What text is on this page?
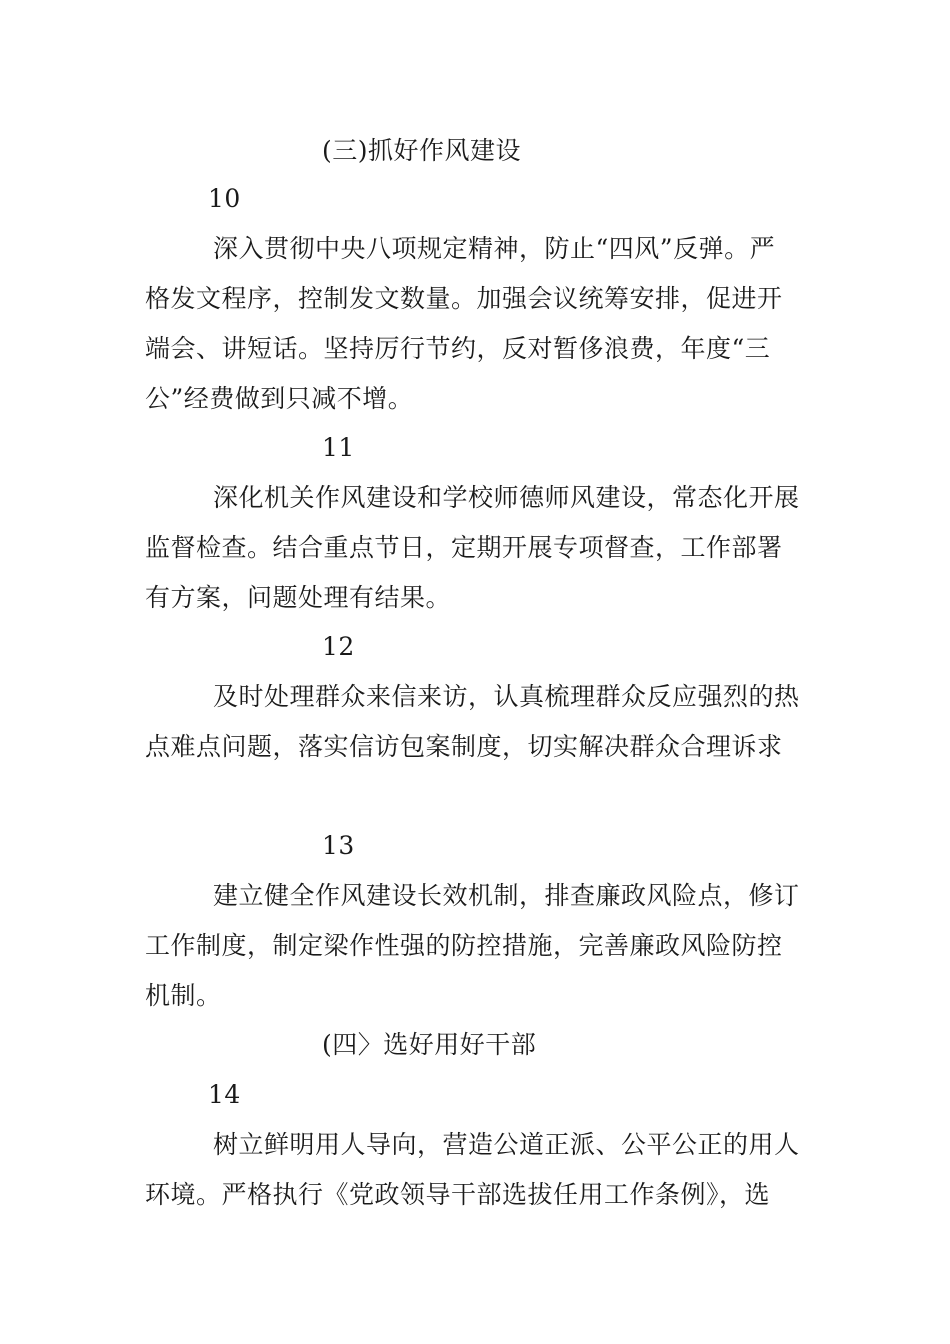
(三)抓好作风建设
10
深入贯彻中央八项规定精神，防止“四风”反弹。严
格发文程序，控制发文数量。加强会议统筹安排，促进开
端会、讲短话。坚持厉行节约，反对暂侈浪费，年度“三
公”经费做到只减不增。
11
深化机关作风建设和学校师德师风建设，常态化开展
监督检查。结合重点节日，定期开展专项督查，工作部署
有方案，问题处理有结果。
12
及时处理群众来信来访，认真梳理群众反应强烈的热
点难点问题，落实信访包案制度，切实解决群众合理诉求
13
建立健全作风建设长效机制，排查廉政风险点，修订
工作制度，制定梁作性强的防控措施，完善廉政风险防控
机制。
(四〉选好用好干部
14
树立鲜明用人导向，营造公道正派、公平公正的用人
环境。严格执行《党政领导干部选拔任用工作条例》，选
